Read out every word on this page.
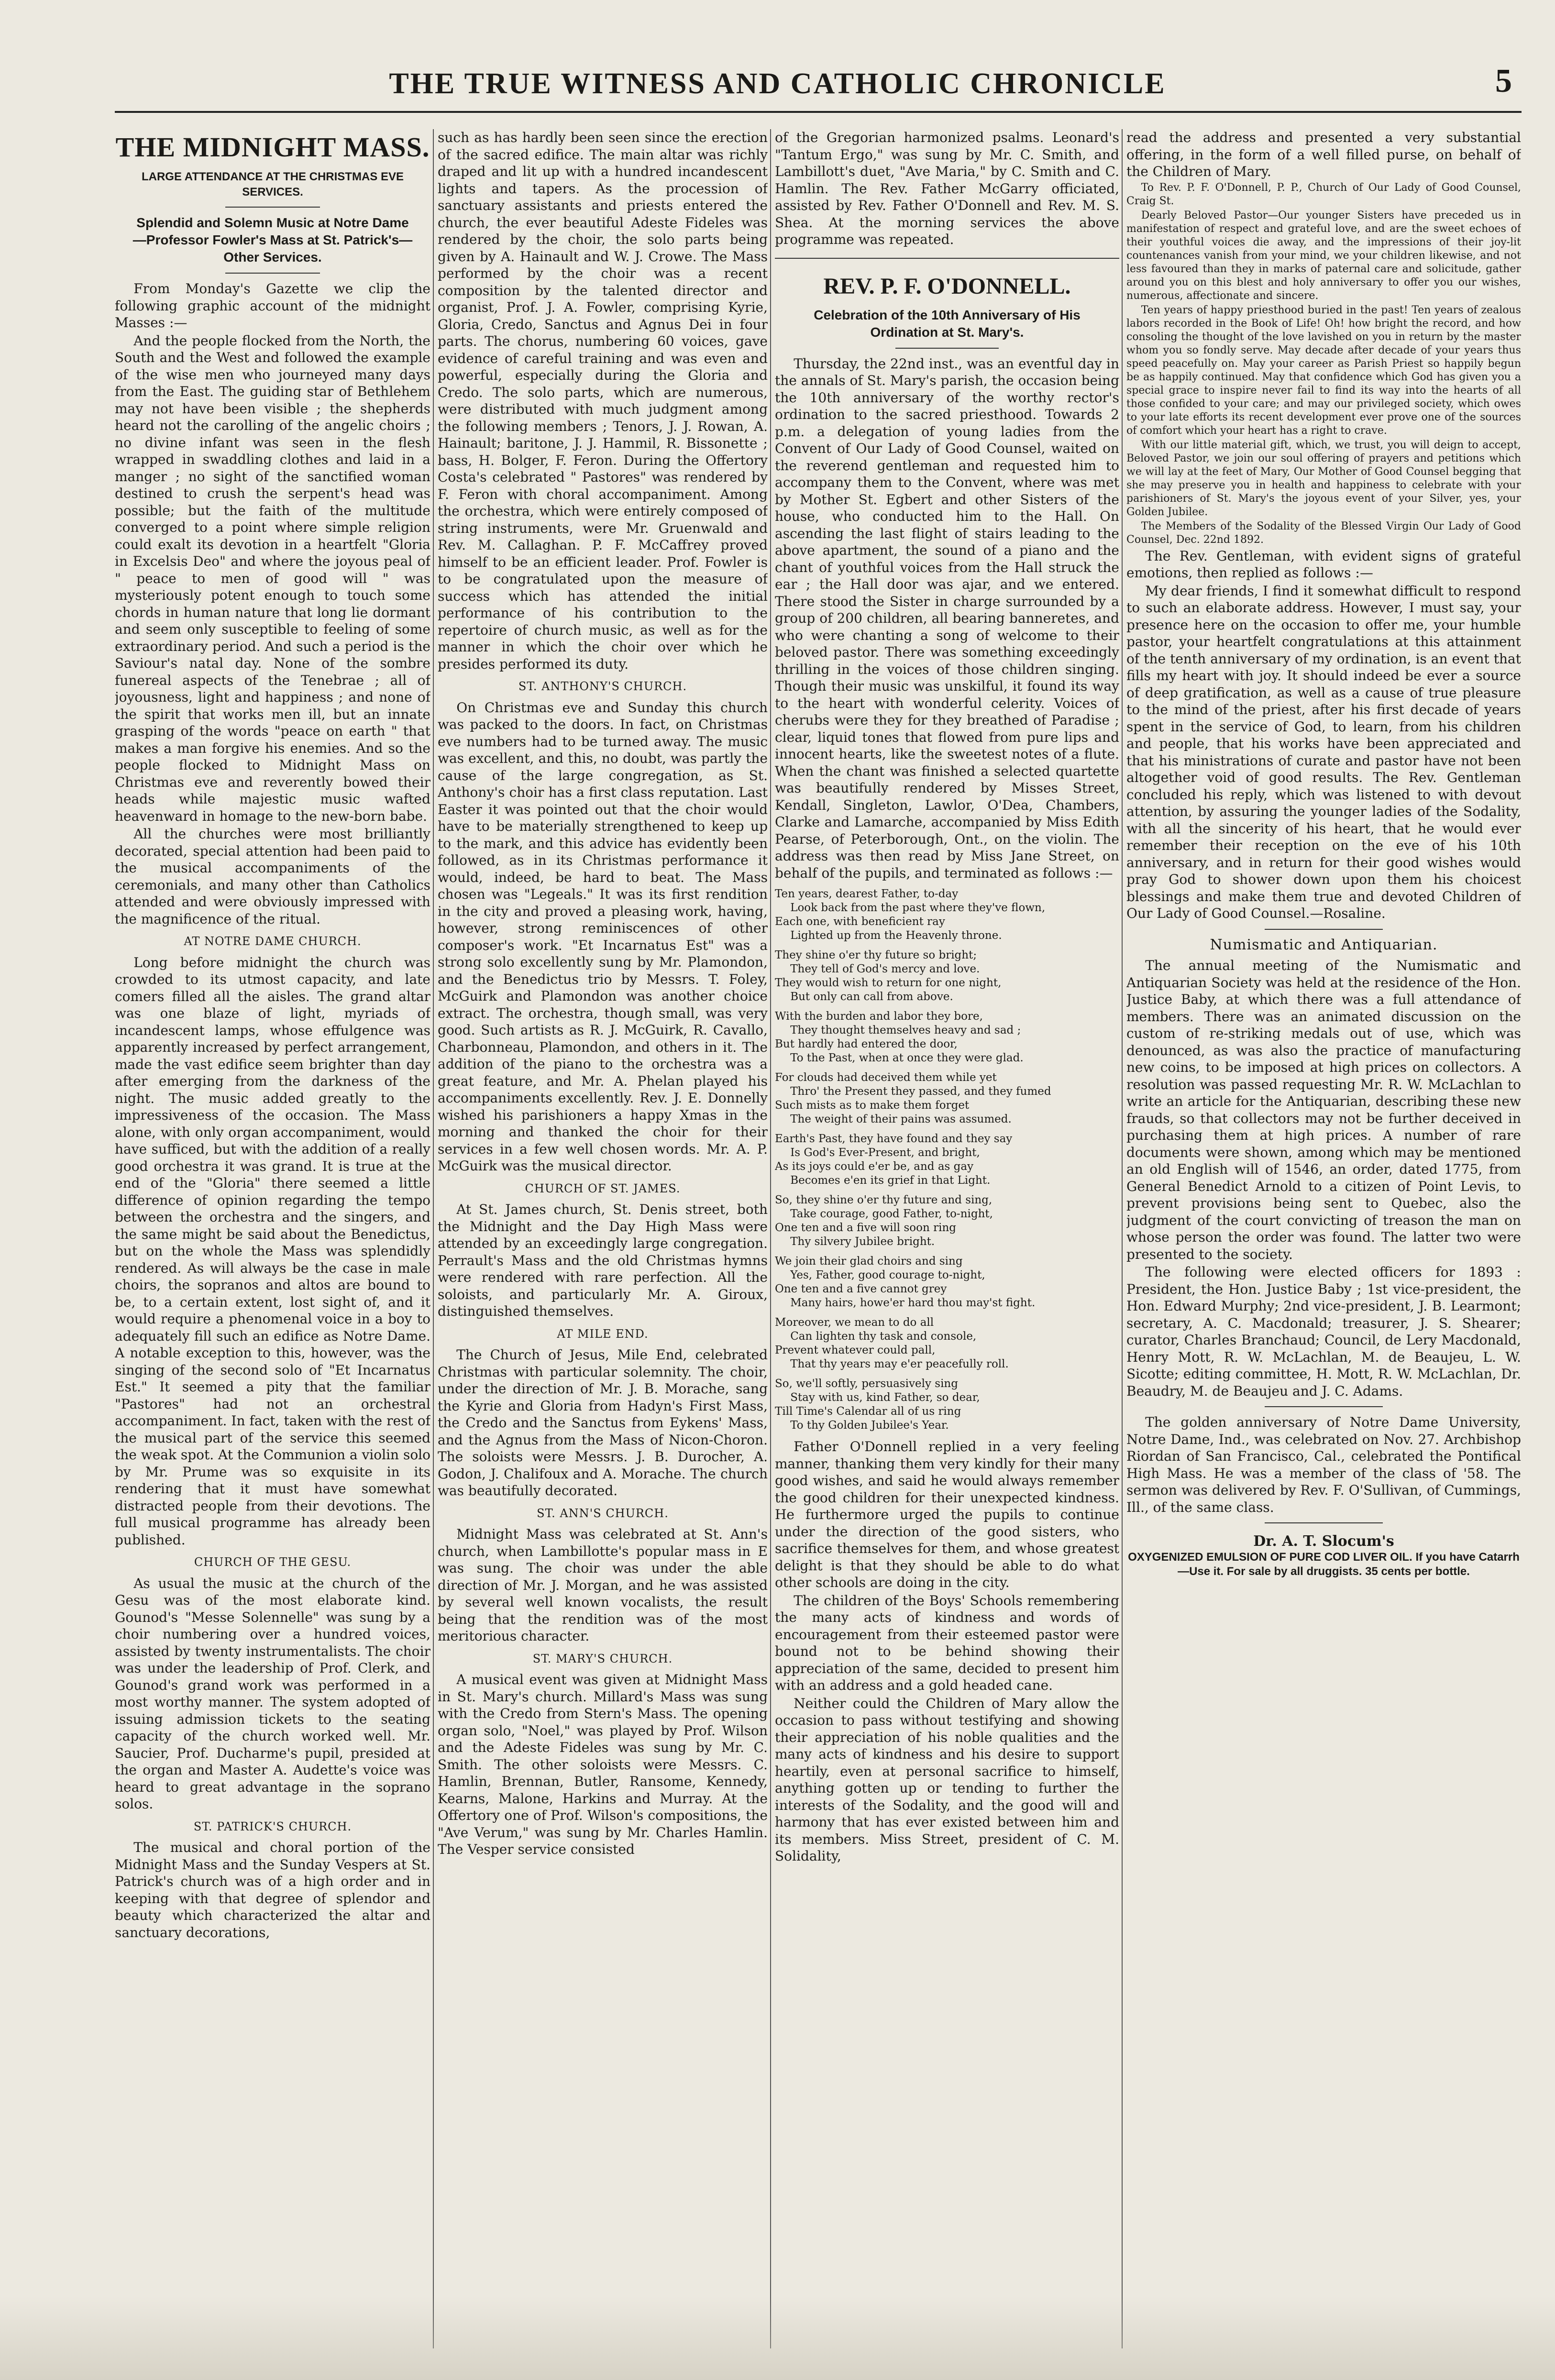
THE TRUE WITNESS AND CATHOLIC CHRONICLE	5
THE MIDNIGHT MASS.
LARGE ATTENDANCE AT THE CHRISTMAS EVE SERVICES.
Splendid and Solemn Music at Notre Dame —Professor Fowler's Mass at St. Patrick's—Other Services.

From Monday's Gazette we clip the following graphic account of the midnight Masses :—

And the people flocked from the North, the South and the West and followed the example of the wise men who journeyed many days from the East. The guiding star of Bethlehem may not have been visible ; the shepherds heard not the carolling of the angelic choirs ; no divine infant was seen in the flesh wrapped in swaddling clothes and laid in a manger ; no sight of the sanctified woman destined to crush the serpent's head was possible; but the faith of the multitude converged to a point where simple religion could exalt its devotion in a heartfelt "Gloria in Excelsis Deo" and where the joyous peal of " peace to men of good will " was mysteriously potent enough to touch some chords in human nature that long lie dormant and seem only susceptible to feeling of some extraordinary period. And such a period is the Saviour's natal day. None of the sombre funereal aspects of the Tenebrae ; all of joyousness, light and happiness ; and none of the spirit that works men ill, but an innate grasping of the words "peace on earth " that makes a man forgive his enemies. And so the people flocked to Midnight Mass on Christmas eve and reverently bowed their heads while majestic music wafted heavenward in homage to the new-born babe.

All the churches were most brilliantly decorated, special attention had been paid to the musical accompaniments of the ceremonials, and many other than Catholics attended and were obviously impressed with the magnificence of the ritual.

AT NOTRE DAME CHURCH.

Long before midnight the church was crowded to its utmost capacity, and late comers filled all the aisles. The grand altar was one blaze of light, myriads of incandescent lamps, whose effulgence was apparently increased by perfect arrangement, made the vast edifice seem brighter than day after emerging from the darkness of the night. The music added greatly to the impressiveness of the occasion. The Mass alone, with only organ accompaniment, would have sufficed, but with the addition of a really good orchestra it was grand. It is true at the end of the "Gloria" there seemed a little difference of opinion regarding the tempo between the orchestra and the singers, and the same might be said about the Benedictus, but on the whole the Mass was splendidly rendered. As will always be the case in male choirs, the sopranos and altos are bound to be, to a certain extent, lost sight of, and it would require a phenomenal voice in a boy to adequately fill such an edifice as Notre Dame. A notable exception to this, however, was the singing of the second solo of "Et Incarnatus Est." It seemed a pity that the familiar "Pastores" had not an orchestral accompaniment. In fact, taken with the rest of the musical part of the service this seemed the weak spot. At the Communion a violin solo by Mr. Prume was so exquisite in its rendering that it must have somewhat distracted people from their devotions. The full musical programme has already been published.

CHURCH OF THE GESU.

As usual the music at the church of the Gesu was of the most elaborate kind. Gounod's "Messe Solennelle" was sung by a choir numbering over a hundred voices, assisted by twenty instrumentalists. The choir was under the leadership of Prof. Clerk, and Gounod's grand work was performed in a most worthy manner. The system adopted of issuing admission tickets to the seating capacity of the church worked well. Mr. Saucier, Prof. Ducharme's pupil, presided at the organ and Master A. Audette's voice was heard to great advantage in the soprano solos.

ST. PATRICK'S CHURCH.

The musical and choral portion of the Midnight Mass and the Sunday Vespers at St. Patrick's church was of a high order and in keeping with that degree of splendor and beauty which characterized the altar and sanctuary decorations,

such as has hardly been seen since the erection of the sacred edifice. The main altar was richly draped and lit up with a hundred incandescent lights and tapers. As the procession of sanctuary assistants and priests entered the church, the ever beautiful Adeste Fideles was rendered by the choir, the solo parts being given by A. Hainault and W. J. Crowe. The Mass performed by the choir was a recent composition by the talented director and organist, Prof. J. A. Fowler, comprising Kyrie, Gloria, Credo, Sanctus and Agnus Dei in four parts. The chorus, numbering 60 voices, gave evidence of careful training and was even and powerful, especially during the Gloria and Credo. The solo parts, which are numerous, were distributed with much judgment among the following members ; Tenors, J. J. Rowan, A. Hainault; baritone, J. J. Hammil, R. Bissonette ; bass, H. Bolger, F. Feron. During the Offertory Costa's celebrated " Pastores" was rendered by F. Feron with choral accompaniment. Among the orchestra, which were entirely composed of string instruments, were Mr. Gruenwald and Rev. M. Callaghan. P. F. McCaffrey proved himself to be an efficient leader. Prof. Fowler is to be congratulated upon the measure of success which has attended the initial performance of his contribution to the repertoire of church music, as well as for the manner in which the choir over which he presides performed its duty.

ST. ANTHONY'S CHURCH.

On Christmas eve and Sunday this church was packed to the doors. In fact, on Christmas eve numbers had to be turned away. The music was excellent, and this, no doubt, was partly the cause of the large congregation, as St. Anthony's choir has a first class reputation. Last Easter it was pointed out that the choir would have to be materially strengthened to keep up to the mark, and this advice has evidently been followed, as in its Christmas performance it would, indeed, be hard to beat. The Mass chosen was "Legeals." It was its first rendition in the city and proved a pleasing work, having, however, strong reminiscences of other composer's work. "Et Incarnatus Est" was a strong solo excellently sung by Mr. Plamondon, and the Benedictus trio by Messrs. T. Foley, McGuirk and Plamondon was another choice extract. The orchestra, though small, was very good. Such artists as R. J. McGuirk, R. Cavallo, Charbonneau, Plamondon, and others in it. The addition of the piano to the orchestra was a great feature, and Mr. A. Phelan played his accompaniments excellently. Rev. J. E. Donnelly wished his parishioners a happy Xmas in the morning and thanked the choir for their services in a few well chosen words. Mr. A. P. McGuirk was the musical director.

CHURCH OF ST. JAMES.

At St. James church, St. Denis street, both the Midnight and the Day High Mass were attended by an exceedingly large congregation. Perrault's Mass and the old Christmas hymns were rendered with rare perfection. All the soloists, and particularly Mr. A. Giroux, distinguished themselves.

AT MILE END.

The Church of Jesus, Mile End, celebrated Christmas with particular solemnity. The choir, under the direction of Mr. J. B. Morache, sang the Kyrie and Gloria from Hadyn's First Mass, the Credo and the Sanctus from Eykens' Mass, and the Agnus from the Mass of Nicon-Choron. The soloists were Messrs. J. B. Durocher, A. Godon, J. Chalifoux and A. Morache. The church was beautifully decorated.

ST. ANN'S CHURCH.

Midnight Mass was celebrated at St. Ann's church, when Lambillotte's popular mass in E was sung. The choir was under the able direction of Mr. J. Morgan, and he was assisted by several well known vocalists, the result being that the rendition was of the most meritorious character.

ST. MARY'S CHURCH.

A musical event was given at Midnight Mass in St. Mary's church. Millard's Mass was sung with the Credo from Stern's Mass. The opening organ solo, "Noel," was played by Prof. Wilson and the Adeste Fideles was sung by Mr. C. Smith. The other soloists were Messrs. C. Hamlin, Brennan, Butler, Ransome, Kennedy, Kearns, Malone, Harkins and Murray. At the Offertory one of Prof. Wilson's compositions, the "Ave Verum," was sung by Mr. Charles Hamlin. The Vesper service consisted

of the Gregorian harmonized psalms. Leonard's "Tantum Ergo," was sung by Mr. C. Smith, and Lambillott's duet, "Ave Maria," by C. Smith and C. Hamlin. The Rev. Father McGarry officiated, assisted by Rev. Father O'Donnell and Rev. M. S. Shea. At the morning services the above programme was repeated.

REV. P. F. O'DONNELL.
Celebration of the 10th Anniversary of His Ordination at St. Mary's.

Thursday, the 22nd inst., was an eventful day in the annals of St. Mary's parish, the occasion being the 10th anniversary of the worthy rector's ordination to the sacred priesthood. Towards 2 p.m. a delegation of young ladies from the Convent of Our Lady of Good Counsel, waited on the reverend gentleman and requested him to accompany them to the Convent, where was met by Mother St. Egbert and other Sisters of the house, who conducted him to the Hall. On ascending the last flight of stairs leading to the above apartment, the sound of a piano and the chant of youthful voices from the Hall struck the ear ; the Hall door was ajar, and we entered. There stood the Sister in charge surrounded by a group of 200 children, all bearing banneretes, and who were chanting a song of welcome to their beloved pastor. There was something exceedingly thrilling in the voices of those children singing. Though their music was unskilful, it found its way to the heart with wonderful celerity. Voices of cherubs were they for they breathed of Paradise ; clear, liquid tones that flowed from pure lips and innocent hearts, like the sweetest notes of a flute. When the chant was finished a selected quartette was beautifully rendered by Misses Street, Kendall, Singleton, Lawlor, O'Dea, Chambers, Clarke and Lamarche, accompanied by Miss Edith Pearse, of Peterborough, Ont., on the violin. The address was then read by Miss Jane Street, on behalf of the pupils, and terminated as follows :—

Ten years, dearest Father, to-day
Look back from the past where they've flown,
Each one, with beneficient ray
Lighted up from the Heavenly throne.
They shine o'er thy future so bright;
They tell of God's mercy and love.
They would wish to return for one night,
But only can call from above.
With the burden and labor they bore,
They thought themselves heavy and sad ;
But hardly had entered the door,
To the Past, when at once they were glad.
For clouds had deceived them while yet
Thro' the Present they passed, and they fumed
Such mists as to make them forget
The weight of their pains was assumed.
Earth's Past, they have found and they say
Is God's Ever-Present, and bright,
As its joys could e'er be, and as gay
Becomes e'en its grief in that Light.
So, they shine o'er thy future and sing,
Take courage, good Father, to-night,
One ten and a five will soon ring
Thy silvery Jubilee bright.
We join their glad choirs and sing
Yes, Father, good courage to-night,
One ten and a five cannot grey
Many hairs, howe'er hard thou may'st fight.
Moreover, we mean to do all
Can lighten thy task and console,
Prevent whatever could pall,
That thy years may e'er peacefully roll.
So, we'll softly, persuasively sing
Stay with us, kind Father, so dear,
Till Time's Calendar all of us ring
To thy Golden Jubilee's Year.

Father O'Donnell replied in a very feeling manner, thanking them very kindly for their many good wishes, and said he would always remember the good children for their unexpected kindness. He furthermore urged the pupils to continue under the direction of the good sisters, who sacrifice themselves for them, and whose greatest delight is that they should be able to do what other schools are doing in the city.

The children of the Boys' Schools remembering the many acts of kindness and words of encouragement from their esteemed pastor were bound not to be behind showing their appreciation of the same, decided to present him with an address and a gold headed cane.

Neither could the Children of Mary allow the occasion to pass without testifying and showing their appreciation of his noble qualities and the many acts of kindness and his desire to support heartily, even at personal sacrifice to himself, anything gotten up or tending to further the interests of the Sodality, and the good will and harmony that has ever existed between him and its members. Miss Street, president of C. M. Solidality,

read the address and presented a very substantial offering, in the form of a well filled purse, on behalf of the Children of Mary.

To Rev. P. F. O'Donnell, P. P., Church of Our Lady of Good Counsel, Craig St.

Dearly Beloved Pastor—Our younger Sisters have preceded us in manifestation of respect and grateful love, and are the sweet echoes of their youthful voices die away, and the impressions of their joy-lit countenances vanish from your mind, we your children likewise, and not less favoured than they in marks of paternal care and solicitude, gather around you on this blest and holy anniversary to offer you our wishes, numerous, affectionate and sincere.

Ten years of happy priesthood buried in the past! Ten years of zealous labors recorded in the Book of Life! Oh! how bright the record, and how consoling the thought of the love lavished on you in return by the master whom you so fondly serve. May decade after decade of your years thus speed peacefully on. May your career as Parish Priest so happily begun be as happily continued. May that confidence which God has given you a special grace to inspire never fail to find its way into the hearts of all those confided to your care; and may our privileged society, which owes to your late efforts its recent development ever prove one of the sources of comfort which your heart has a right to crave.

With our little material gift, which, we trust, you will deign to accept, Beloved Pastor, we join our soul offering of prayers and petitions which we will lay at the feet of Mary, Our Mother of Good Counsel begging that she may preserve you in health and happiness to celebrate with your parishioners of St. Mary's the joyous event of your Silver, yes, your Golden Jubilee.

The Members of the Sodality of the Blessed Virgin Our Lady of Good Counsel, Dec. 22nd 1892.

The Rev. Gentleman, with evident signs of grateful emotions, then replied as follows :—

My dear friends, I find it somewhat difficult to respond to such an elaborate address. However, I must say, your presence here on the occasion to offer me, your humble pastor, your heartfelt congratulations at this attainment of the tenth anniversary of my ordination, is an event that fills my heart with joy. It should indeed be ever a source of deep gratification, as well as a cause of true pleasure to the mind of the priest, after his first decade of years spent in the service of God, to learn, from his children and people, that his works have been appreciated and that his ministrations of curate and pastor have not been altogether void of good results. The Rev. Gentleman concluded his reply, which was listened to with devout attention, by assuring the younger ladies of the Sodality, with all the sincerity of his heart, that he would ever remember their reception on the eve of his 10th anniversary, and in return for their good wishes would pray God to shower down upon them his choicest blessings and make them true and devoted Children of Our Lady of Good Counsel.—Rosaline.

Numismatic and Antiquarian.

The annual meeting of the Numismatic and Antiquarian Society was held at the residence of the Hon. Justice Baby, at which there was a full attendance of members. There was an animated discussion on the custom of re-striking medals out of use, which was denounced, as was also the practice of manufacturing new coins, to be imposed at high prices on collectors. A resolution was passed requesting Mr. R. W. McLachlan to write an article for the Antiquarian, describing these new frauds, so that collectors may not be further deceived in purchasing them at high prices. A number of rare documents were shown, among which may be mentioned an old English will of 1546, an order, dated 1775, from General Benedict Arnold to a citizen of Point Levis, to prevent provisions being sent to Quebec, also the judgment of the court convicting of treason the man on whose person the order was found. The latter two were presented to the society.

The following were elected officers for 1893 : President, the Hon. Justice Baby ; 1st vice-president, the Hon. Edward Murphy; 2nd vice-president, J. B. Learmont; secretary, A. C. Macdonald; treasurer, J. S. Shearer; curator, Charles Branchaud; Council, de Lery Macdonald, Henry Mott, R. W. McLachlan, M. de Beaujeu, L. W. Sicotte; editing committee, H. Mott, R. W. McLachlan, Dr. Beaudry, M. de Beaujeu and J. C. Adams.

The golden anniversary of Notre Dame University, Notre Dame, Ind., was celebrated on Nov. 27. Archbishop Riordan of San Francisco, Cal., celebrated the Pontifical High Mass. He was a member of the class of '58. The sermon was delivered by Rev. F. O'Sullivan, of Cummings, Ill., of the same class.

Dr. A. T. Slocum's
OXYGENIZED EMULSION OF PURE COD LIVER OIL. If you have Catarrh—Use it. For sale by all druggists. 35 cents per bottle.
